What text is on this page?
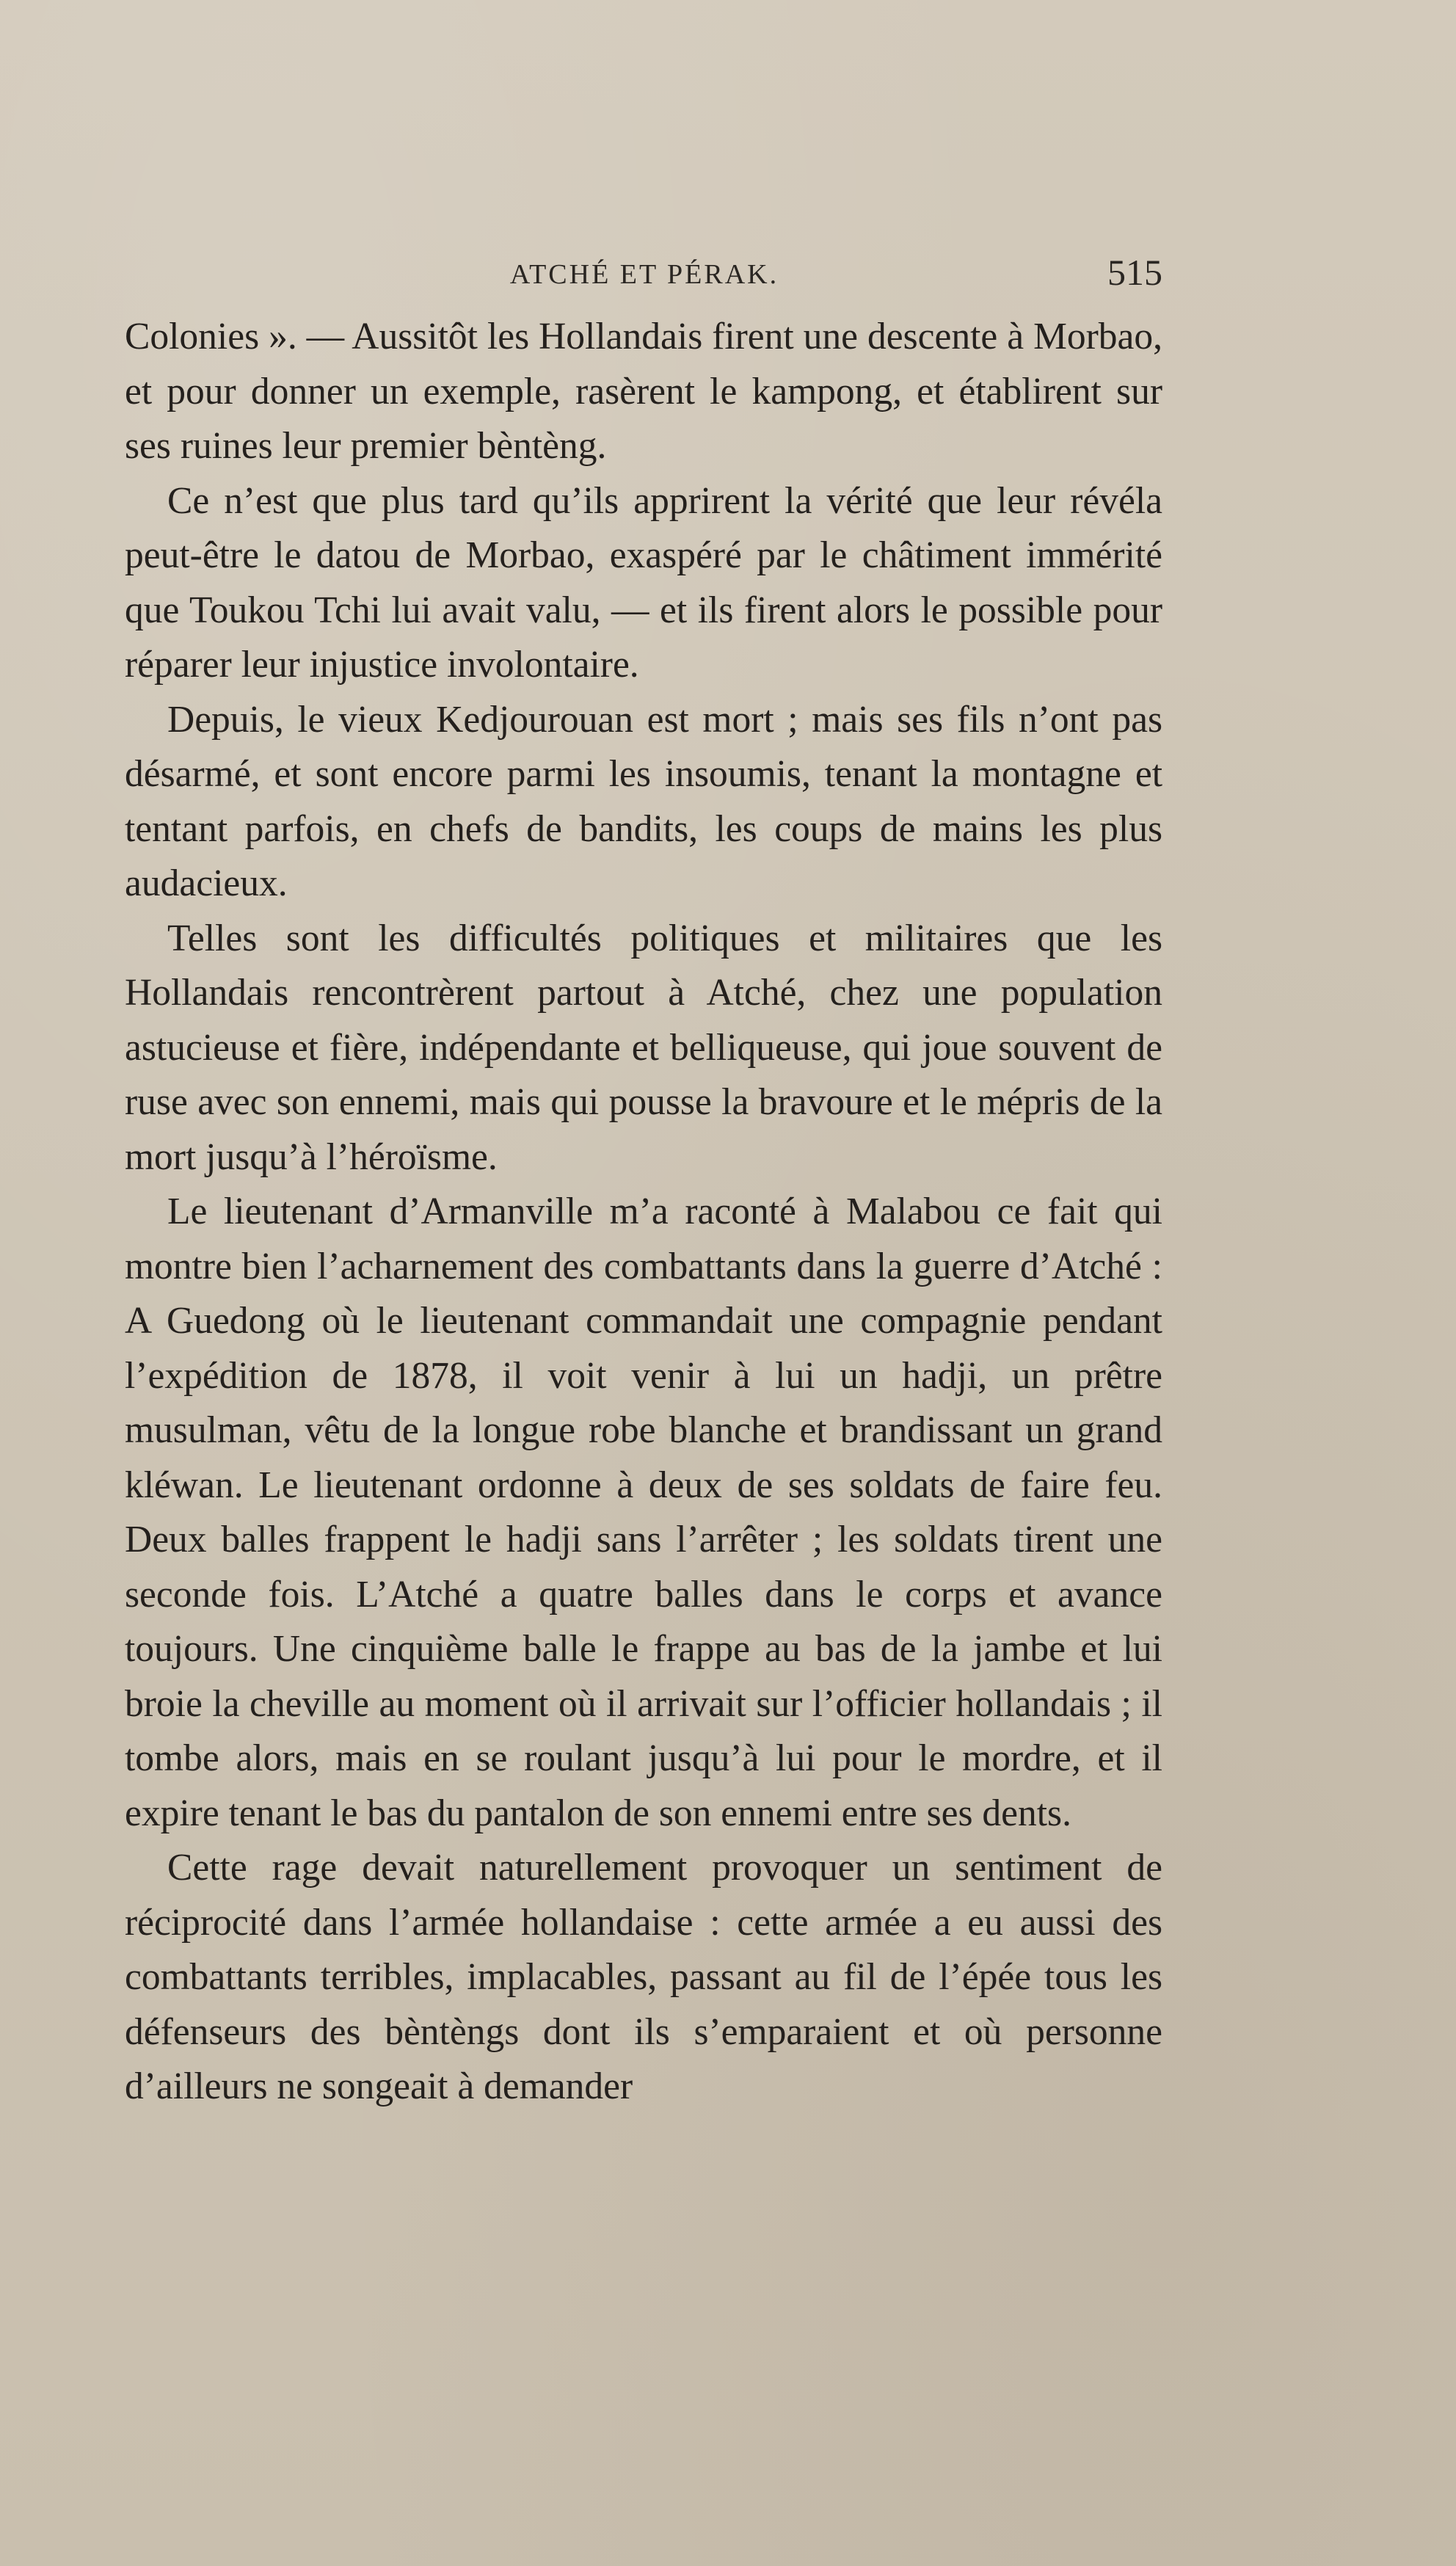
ATCHÉ ET PÉRAK.	515

Colonies ». — Aussitôt les Hollandais firent une descente à Morbao, et pour donner un exemple, rasèrent le kampong, et établirent sur ses ruines leur premier bèntèng.

Ce n’est que plus tard qu’ils apprirent la vérité que leur révéla peut-être le datou de Morbao, exaspéré par le châtiment immérité que Toukou Tchi lui avait valu, — et ils firent alors le possible pour réparer leur injustice involontaire.

Depuis, le vieux Kedjourouan est mort ; mais ses fils n’ont pas désarmé, et sont encore parmi les insoumis, tenant la montagne et tentant parfois, en chefs de bandits, les coups de mains les plus audacieux.

Telles sont les difficultés politiques et militaires que les Hollandais rencontrèrent partout à Atché, chez une population astucieuse et fière, indépendante et belliqueuse, qui joue souvent de ruse avec son ennemi, mais qui pousse la bravoure et le mépris de la mort jusqu’à l’héroïsme.

Le lieutenant d’Armanville m’a raconté à Malabou ce fait qui montre bien l’acharnement des combattants dans la guerre d’Atché : A Guedong où le lieutenant commandait une compagnie pendant l’expédition de 1878, il voit venir à lui un hadji, un prêtre musulman, vêtu de la longue robe blanche et brandissant un grand kléwan. Le lieutenant ordonne à deux de ses soldats de faire feu. Deux balles frappent le hadji sans l’arrêter ; les soldats tirent une seconde fois. L’Atché a quatre balles dans le corps et avance toujours. Une cinquième balle le frappe au bas de la jambe et lui broie la cheville au moment où il arrivait sur l’officier hollandais ; il tombe alors, mais en se roulant jusqu’à lui pour le mordre, et il expire tenant le bas du pantalon de son ennemi entre ses dents.

Cette rage devait naturellement provoquer un sentiment de réciprocité dans l’armée hollandaise : cette armée a eu aussi des combattants terribles, implacables, passant au fil de l’épée tous les défenseurs des bèntèngs dont ils s’emparaient et où personne d’ailleurs ne songeait à demander
